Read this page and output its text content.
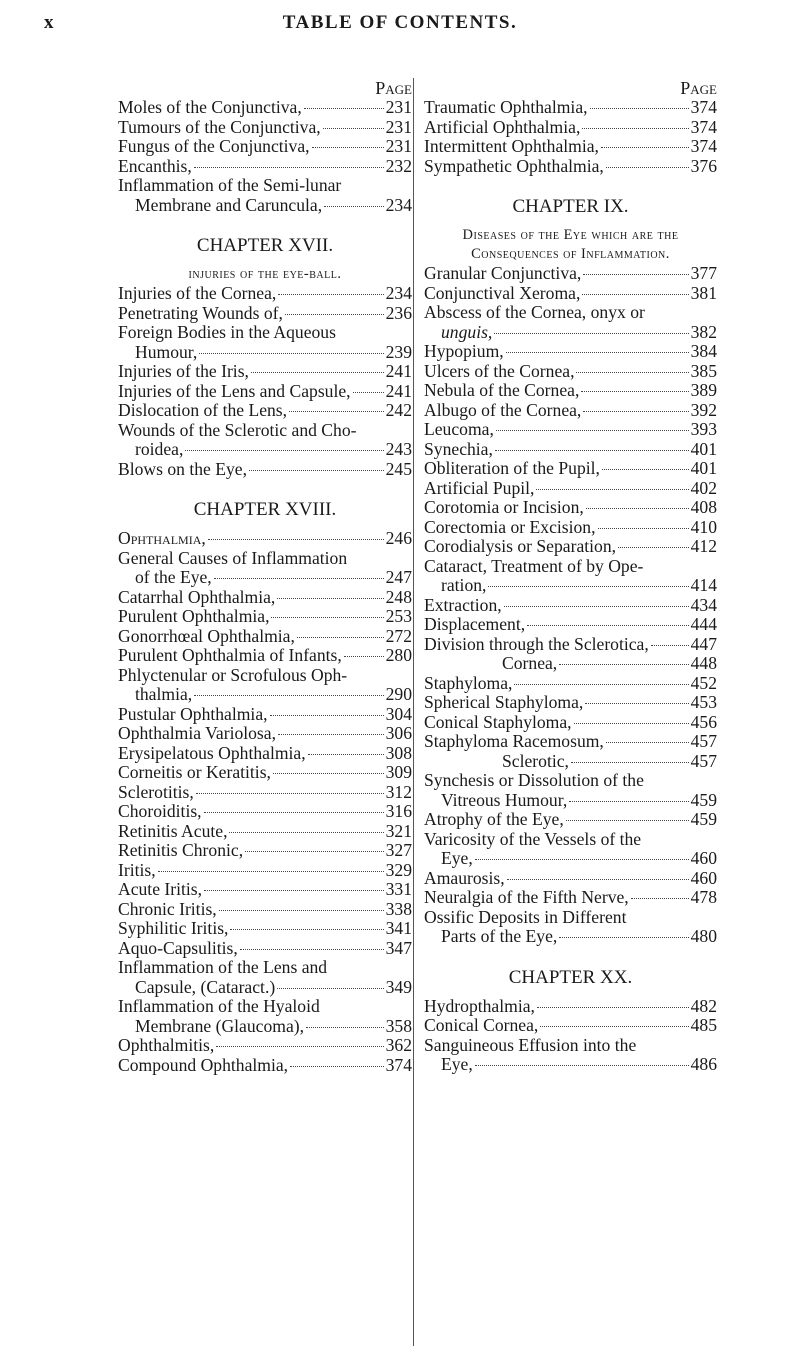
x	TABLE OF CONTENTS.
Page
Moles of the Conjunctiva,	231
Tumours of the Conjunctiva,	231
Fungus of the Conjunctiva,	231
Encanthis,	232
Inflammation of the Semi-lunar
Membrane and Caruncula,	234
CHAPTER XVII.
injuries of the eye-ball.
Injuries of the Cornea,	234
Penetrating Wounds of,	236
Foreign Bodies in the Aqueous
Humour,	239
Injuries of the Iris,	241
Injuries of the Lens and Capsule, 241
Dislocation of the Lens,	242
Wounds of the Sclerotic and Cho-
roidea,	243
Blows on the Eye,	245
CHAPTER XVIII.
Ophthalmia,	246
General Causes of Inflammation
of the Eye,	247
Catarrhal Ophthalmia,	248
Purulent Ophthalmia,	253
Gonorrhœal Ophthalmia,	272
Purulent Ophthalmia of Infants, 280
Phlyctenular or Scrofulous Oph-
thalmia,	290
Pustular Ophthalmia,	304
Ophthalmia Variolosa,	306
Erysipelatous Ophthalmia,	308
Corneitis or Keratitis,	309
Sclerotitis,	312
Choroiditis,	316
Retinitis Acute,	321
Retinitis Chronic,	327
Iritis,	329
Acute Iritis,	331
Chronic Iritis,	338
Syphilitic Iritis,	341
Aquo-Capsulitis,	347
Inflammation of the Lens and
Capsule, (Cataract.)	349
Inflammation of the Hyaloid
Membrane (Glaucoma),	358
Ophthalmitis,	362
Compound Ophthalmia,	374
Page
Traumatic Ophthalmia,	374
Artificial Ophthalmia,	374
Intermittent Ophthalmia,	374
Sympathetic Ophthalmia,	376
CHAPTER IX.
Diseases of the Eye which are the
Consequences of Inflammation.
Granular Conjunctiva,	377
Conjunctival Xeroma,	381
Abscess of the Cornea, onyx or
unguis,	382
Hypopium,	384
Ulcers of the Cornea,	385
Nebula of the Cornea,	389
Albugo of the Cornea,	392
Leucoma,	393
Synechia,	401
Obliteration of the Pupil,	401
Artificial Pupil,	402
Corotomia or Incision,	408
Corectomia or Excision,	410
Corodialysis or Separation,	412
Cataract, Treatment of by Ope-
ration,	414
Extraction,	434
Displacement,	444
Division through the Sclerotica, 447
Cornea,	448
Staphyloma,	452
Spherical Staphyloma,	453
Conical Staphyloma,	456
Staphyloma Racemosum,	457
Sclerotic,	457
Synchesis or Dissolution of the
Vitreous Humour,	459
Atrophy of the Eye,	459
Varicosity of the Vessels of the
Eye,	460
Amaurosis,	460
Neuralgia of the Fifth Nerve,	478
Ossific Deposits in Different
Parts of the Eye,	480
CHAPTER XX.
Hydropthalmia,	482
Conical Cornea,	485
Sanguineous Effusion into the
Eye,	486
